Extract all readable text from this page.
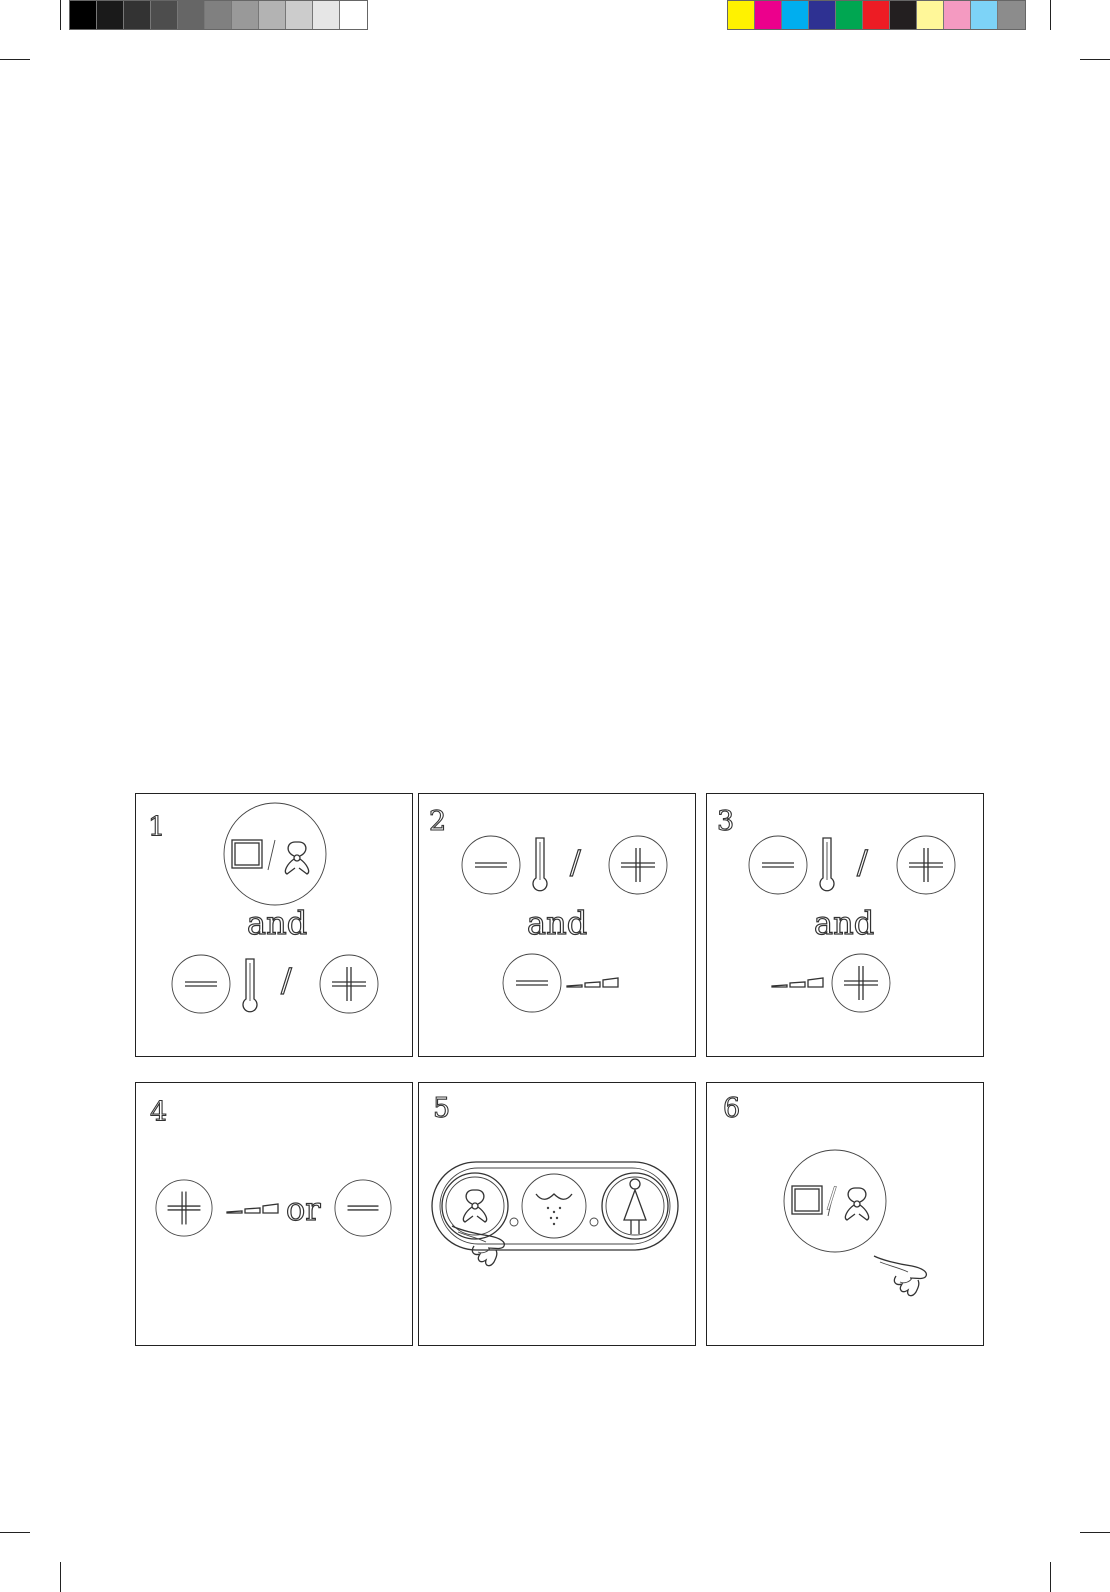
1
and
/
2
and
/
3
and
/
4
or
5	6
/
